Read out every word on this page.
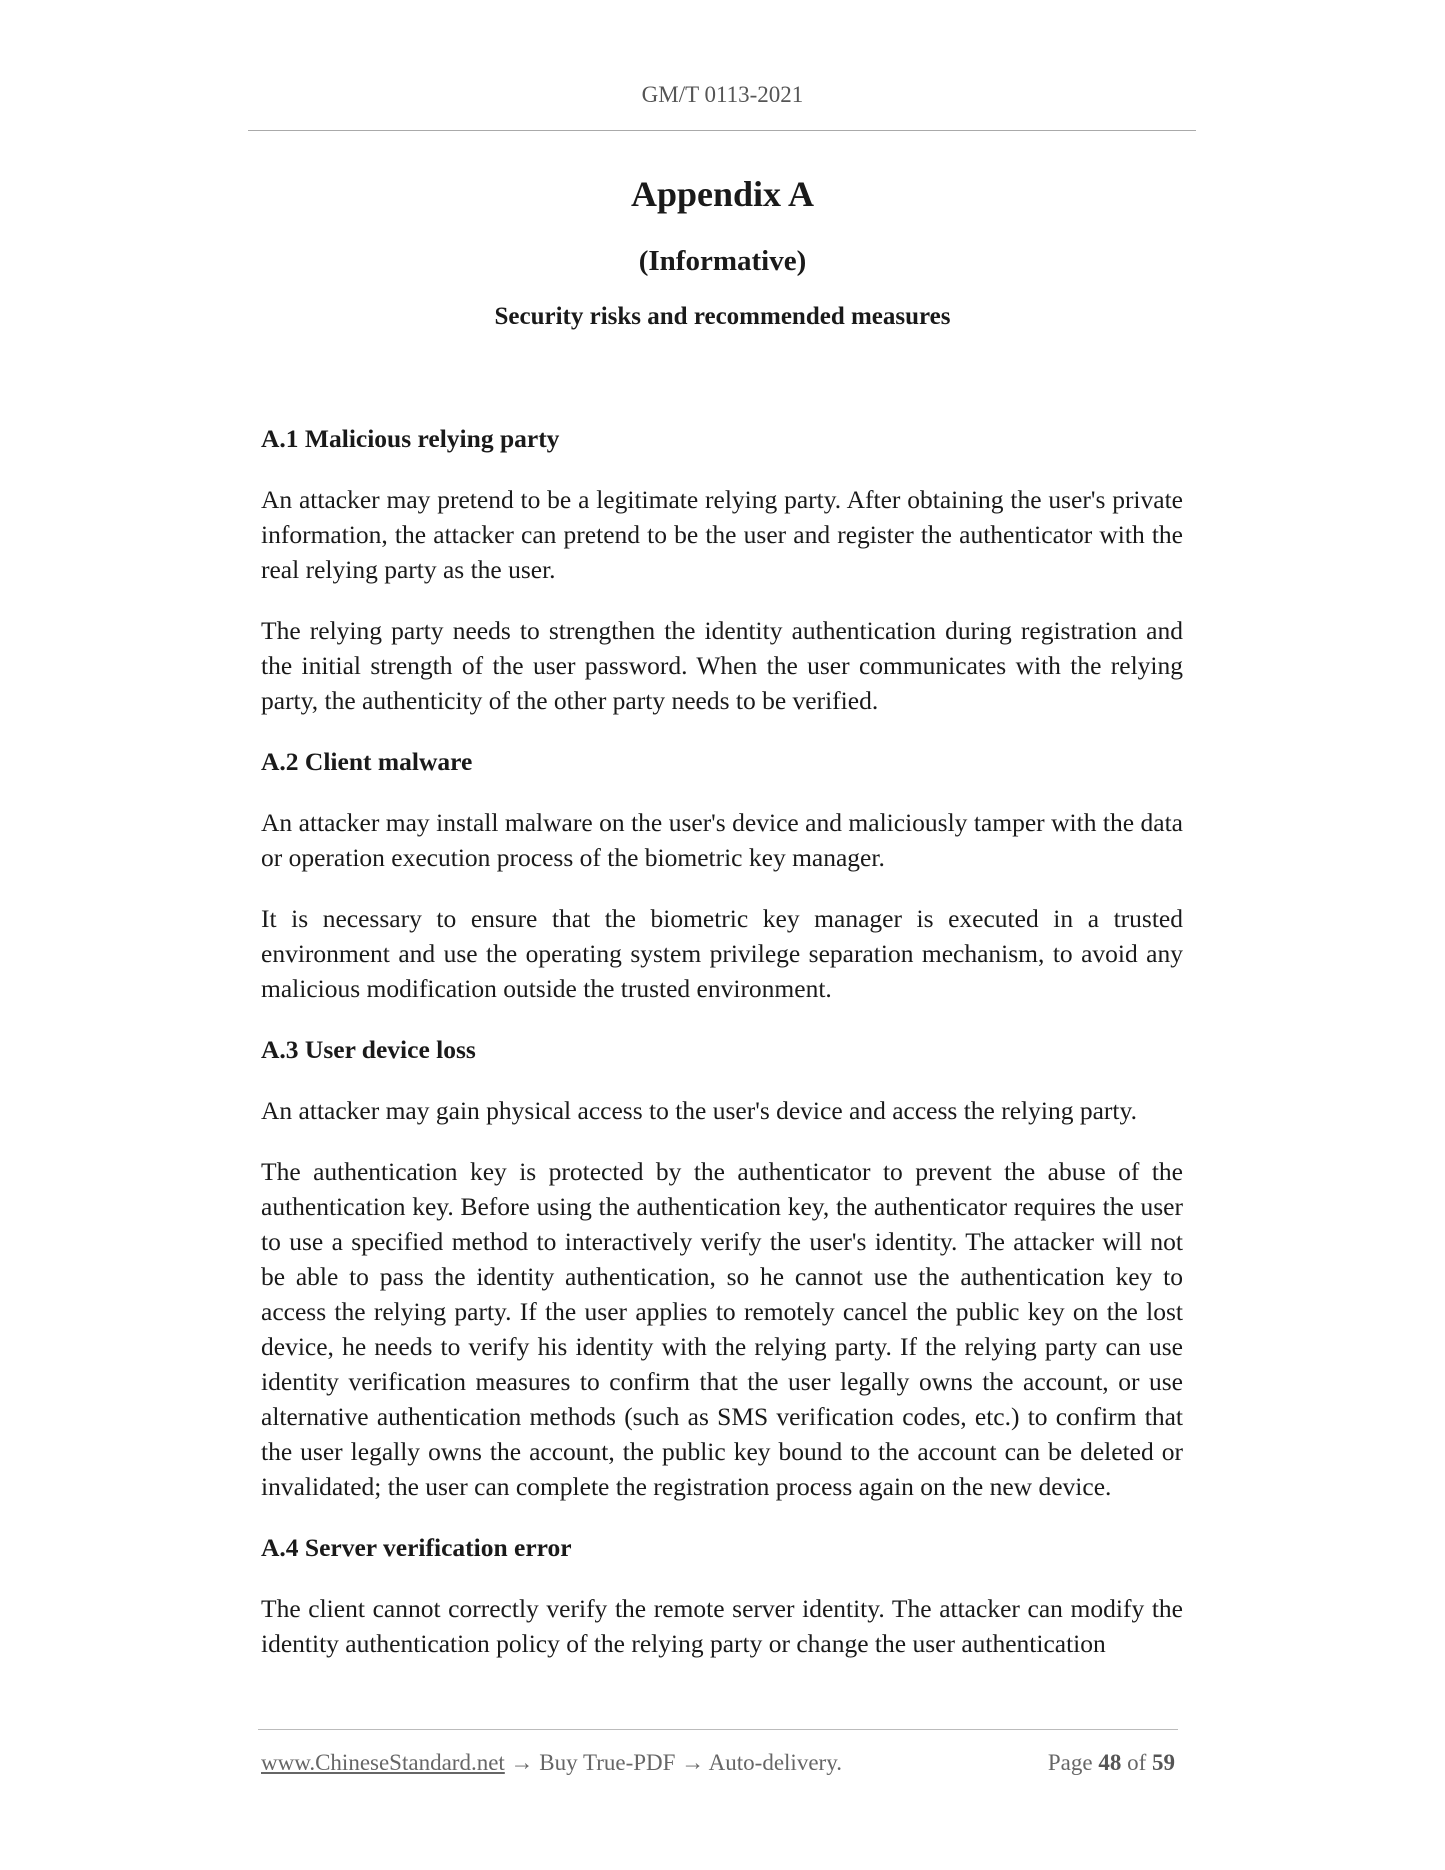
GM/T 0113-2021
Appendix A
(Informative)
Security risks and recommended measures
A.1 Malicious relying party

An attacker may pretend to be a legitimate relying party. After obtaining the user's private information, the attacker can pretend to be the user and register the authenticator with the real relying party as the user.

The relying party needs to strengthen the identity authentication during registration and the initial strength of the user password. When the user communicates with the relying party, the authenticity of the other party needs to be verified.

A.2 Client malware

An attacker may install malware on the user's device and maliciously tamper with the data or operation execution process of the biometric key manager.

It is necessary to ensure that the biometric key manager is executed in a trusted environment and use the operating system privilege separation mechanism, to avoid any malicious modification outside the trusted environment.

A.3 User device loss

An attacker may gain physical access to the user's device and access the relying party.

The authentication key is protected by the authenticator to prevent the abuse of the authentication key. Before using the authentication key, the authenticator requires the user to use a specified method to interactively verify the user's identity. The attacker will not be able to pass the identity authentication, so he cannot use the authentication key to access the relying party. If the user applies to remotely cancel the public key on the lost device, he needs to verify his identity with the relying party. If the relying party can use identity verification measures to confirm that the user legally owns the account, or use alternative authentication methods (such as SMS verification codes, etc.) to confirm that the user legally owns the account, the public key bound to the account can be deleted or invalidated; the user can complete the registration process again on the new device.

A.4 Server verification error

The client cannot correctly verify the remote server identity. The attacker can modify the identity authentication policy of the relying party or change the user authentication

www.ChineseStandard.net → Buy True-PDF → Auto-delivery.	Page 48 of 59
